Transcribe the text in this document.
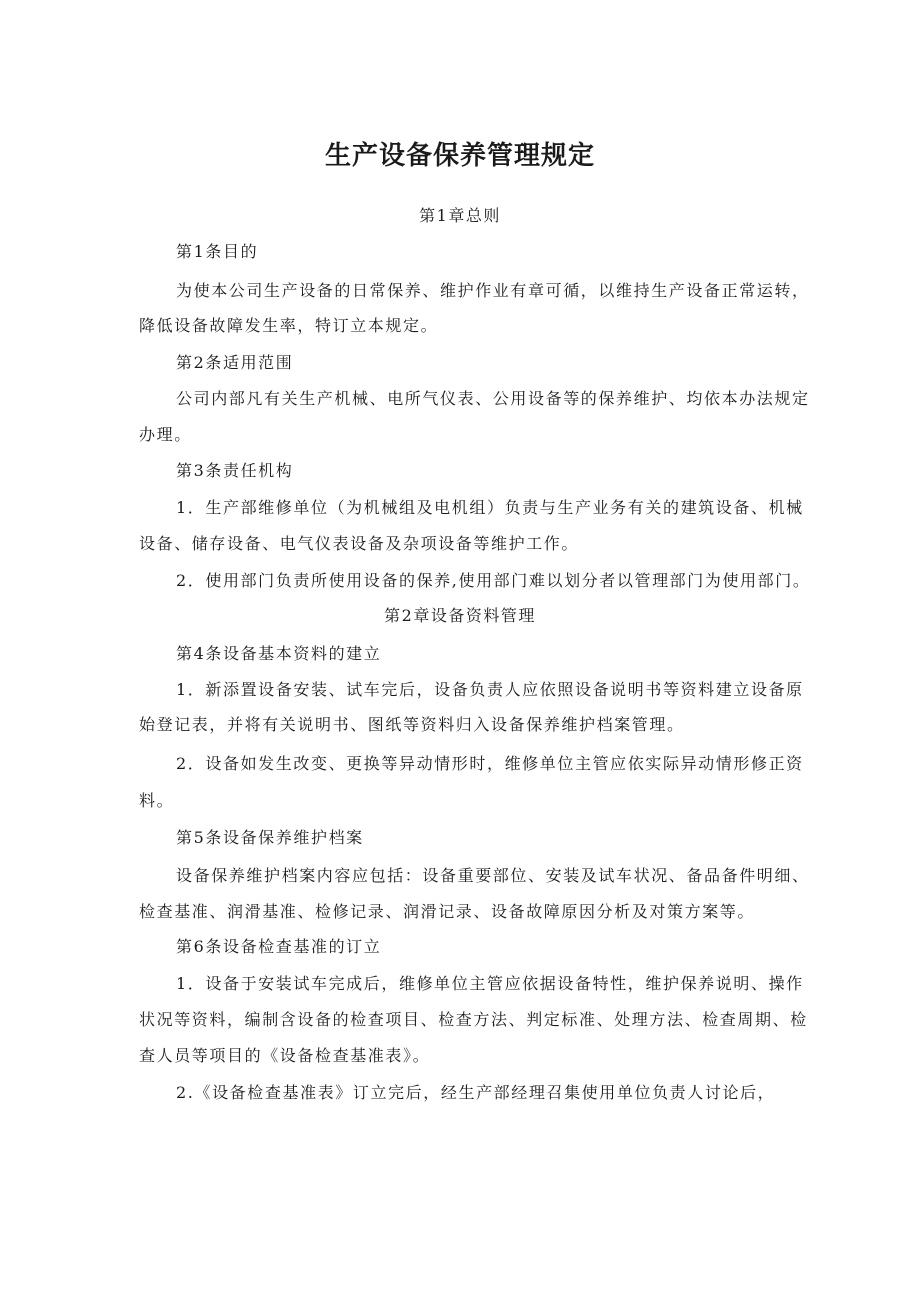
生产设备保养管理规定
第1章总则
第1条目的
为使本公司生产设备的日常保养、维护作业有章可循，以维持生产设备正常运转，
降低设备故障发生率，特订立本规定。
第2条适用范围
公司内部凡有关生产机械、电所气仪表、公用设备等的保养维护、均依本办法规定
办理。
第3条责任机构
1．生产部维修单位（为机械组及电机组）负责与生产业务有关的建筑设备、机械
设备、储存设备、电气仪表设备及杂项设备等维护工作。
2．使用部门负责所使用设备的保养,使用部门难以划分者以管理部门为使用部门。
第2章设备资料管理
第4条设备基本资料的建立
1．新添置设备安装、试车完后，设备负责人应依照设备说明书等资料建立设备原
始登记表，并将有关说明书、图纸等资料归入设备保养维护档案管理。
2．设备如发生改变、更换等异动情形时，维修单位主管应依实际异动情形修正资
料。
第5条设备保养维护档案
设备保养维护档案内容应包括：设备重要部位、安装及试车状况、备品备件明细、
检查基准、润滑基准、检修记录、润滑记录、设备故障原因分析及对策方案等。
第6条设备检查基准的订立
1．设备于安装试车完成后，维修单位主管应依据设备特性，维护保养说明、操作
状况等资料，编制含设备的检查项目、检查方法、判定标准、处理方法、检查周期、检
查人员等项目的《设备检查基准表》。
2.《设备检查基准表》订立完后，经生产部经理召集使用单位负责人讨论后，
